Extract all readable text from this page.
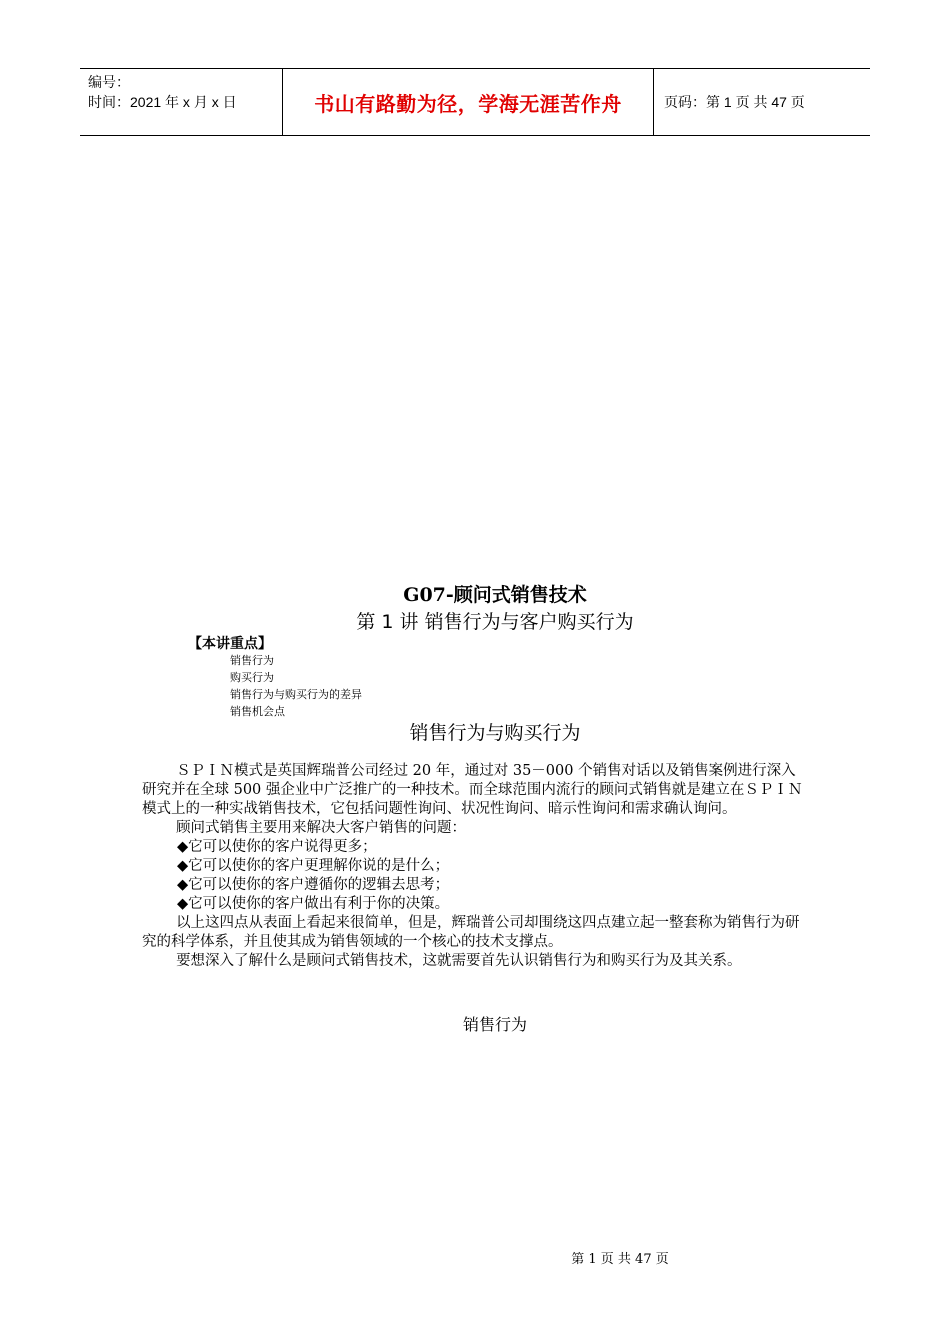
编号：
时间：2021 年 x 月 x 日	书山有路勤为径，学海无涯苦作舟	页码：第 1 页 共 47 页
G07-顾问式销售技术
第 1 讲 销售行为与客户购买行为
【本讲重点】
销售行为
购买行为
销售行为与购买行为的差异
销售机会点
销售行为与购买行为

ＳＰＩＮ模式是英国辉瑞普公司经过 20 年，通过对 35－000 个销售对话以及销售案例进行深入研究并在全球 500 强企业中广泛推广的一种技术。而全球范围内流行的顾问式销售就是建立在ＳＰＩＮ模式上的一种实战销售技术，它包括问题性询问、状况性询问、暗示性询问和需求确认询问。

顾问式销售主要用来解决大客户销售的问题：

◆它可以使你的客户说得更多；

◆它可以使你的客户更理解你说的是什么；

◆它可以使你的客户遵循你的逻辑去思考；

◆它可以使你的客户做出有利于你的决策。

以上这四点从表面上看起来很简单，但是，辉瑞普公司却围绕这四点建立起一整套称为销售行为研究的科学体系，并且使其成为销售领域的一个核心的技术支撑点。

要想深入了解什么是顾问式销售技术，这就需要首先认识销售行为和购买行为及其关系。

销售行为
第 1 页 共 47 页
